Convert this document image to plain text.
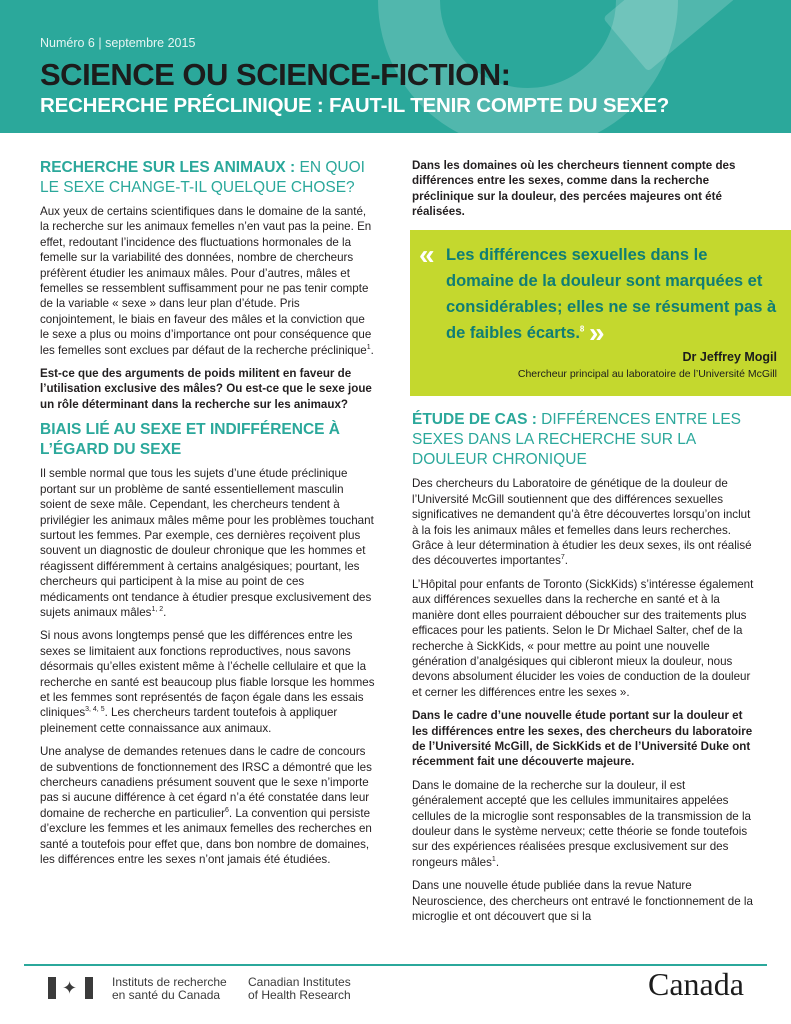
Numéro 6 | septembre 2015
SCIENCE OU SCIENCE-FICTION:
RECHERCHE PRÉCLINIQUE : FAUT-IL TENIR COMPTE DU SEXE?
RECHERCHE SUR LES ANIMAUX : EN QUOI LE SEXE CHANGE-T-IL QUELQUE CHOSE?

Aux yeux de certains scientifiques dans le domaine de la santé, la recherche sur les animaux femelles n’en vaut pas la peine. En effet, redoutant l’incidence des fluctuations hormonales de la femelle sur la variabilité des données, nombre de chercheurs préfèrent étudier les animaux mâles. Pour d’autres, mâles et femelles se ressemblent suffisamment pour ne pas tenir compte de la variable « sexe » dans leur plan d’étude. Pris conjointement, le biais en faveur des mâles et la conviction que le sexe a plus ou moins d’importance ont pour conséquence que les femelles sont exclues par défaut de la recherche préclinique$^1$.

Est-ce que des arguments de poids militent en faveur de l’utilisation exclusive des mâles? Ou est-ce que le sexe joue un rôle déterminant dans la recherche sur les animaux?

BIAIS LIÉ AU SEXE ET INDIFFÉRENCE À L’ÉGARD DU SEXE

Il semble normal que tous les sujets d’une étude préclinique portant sur un problème de santé essentiellement masculin soient de sexe mâle. Cependant, les chercheurs tendent à privilégier les animaux mâles même pour les problèmes touchant surtout les femmes. Par exemple, ces dernières reçoivent plus souvent un diagnostic de douleur chronique que les hommes et réagissent différemment à certains analgésiques; pourtant, les chercheurs qui participent à la mise au point de ces médicaments ont tendance à étudier presque exclusivement des sujets animaux mâles$^{1, 2}$.

Si nous avons longtemps pensé que les différences entre les sexes se limitaient aux fonctions reproductives, nous savons désormais qu’elles existent même à l’échelle cellulaire et que la recherche en santé est beaucoup plus fiable lorsque les hommes et les femmes sont représentés de façon égale dans les essais cliniques$^{3, 4, 5}$. Les chercheurs tardent toutefois à appliquer pleinement cette connaissance aux animaux.

Une analyse de demandes retenues dans le cadre de concours de subventions de fonctionnement des IRSC a démontré que les chercheurs canadiens présument souvent que le sexe n’importe pas si aucune différence à cet égard n’a été constatée dans leur domaine de recherche en particulier$^6$. La convention qui persiste d’exclure les femmes et les animaux femelles des recherches en santé a toutefois pour effet que, dans bon nombre de domaines, les différences entre les sexes n’ont jamais été étudiées.

Dans les domaines où les chercheurs tiennent compte des différences entre les sexes, comme dans la recherche préclinique sur la douleur, des percées majeures ont été réalisées.

« Les différences sexuelles dans le domaine de la douleur sont marquées et considérables; elles ne se résument pas à de faibles écarts.$^8$ »
Dr Jeffrey Mogil
Chercheur principal au laboratoire de l’Université McGill
ÉTUDE DE CAS : DIFFÉRENCES ENTRE LES SEXES DANS LA RECHERCHE SUR LA DOULEUR CHRONIQUE

Des chercheurs du Laboratoire de génétique de la douleur de l’Université McGill soutiennent que des différences sexuelles significatives ne demandent qu’à être découvertes lorsqu’on inclut à la fois les animaux mâles et femelles dans leurs recherches. Grâce à leur détermination à étudier les deux sexes, ils ont réalisé des découvertes importantes$^7$.

L’Hôpital pour enfants de Toronto (SickKids) s’intéresse également aux différences sexuelles dans la recherche en santé et à la manière dont elles pourraient déboucher sur des traitements plus efficaces pour les patients. Selon le Dr Michael Salter, chef de la recherche à SickKids, « pour mettre au point une nouvelle génération d’analgésiques qui cibleront mieux la douleur, nous devons absolument élucider les voies de conduction de la douleur et cerner les différences entre les sexes ».

Dans le cadre d’une nouvelle étude portant sur la douleur et les différences entre les sexes, des chercheurs du laboratoire de l’Université McGill, de SickKids et de l’Université Duke ont récemment fait une découverte majeure.

Dans le domaine de la recherche sur la douleur, il est généralement accepté que les cellules immunitaires appelées cellules de la microglie sont responsables de la transmission de la douleur dans le système nerveux; cette théorie se fonde toutefois sur des expériences réalisées presque exclusivement sur des rongeurs mâles$^1$.

Dans une nouvelle étude publiée dans la revue Nature Neuroscience, des chercheurs ont entravé le fonctionnement de la microglie et ont découvert que si la

✦	Instituts de recherche
en santé du Canada
Canadian Institutes
of Health Research	Canada
